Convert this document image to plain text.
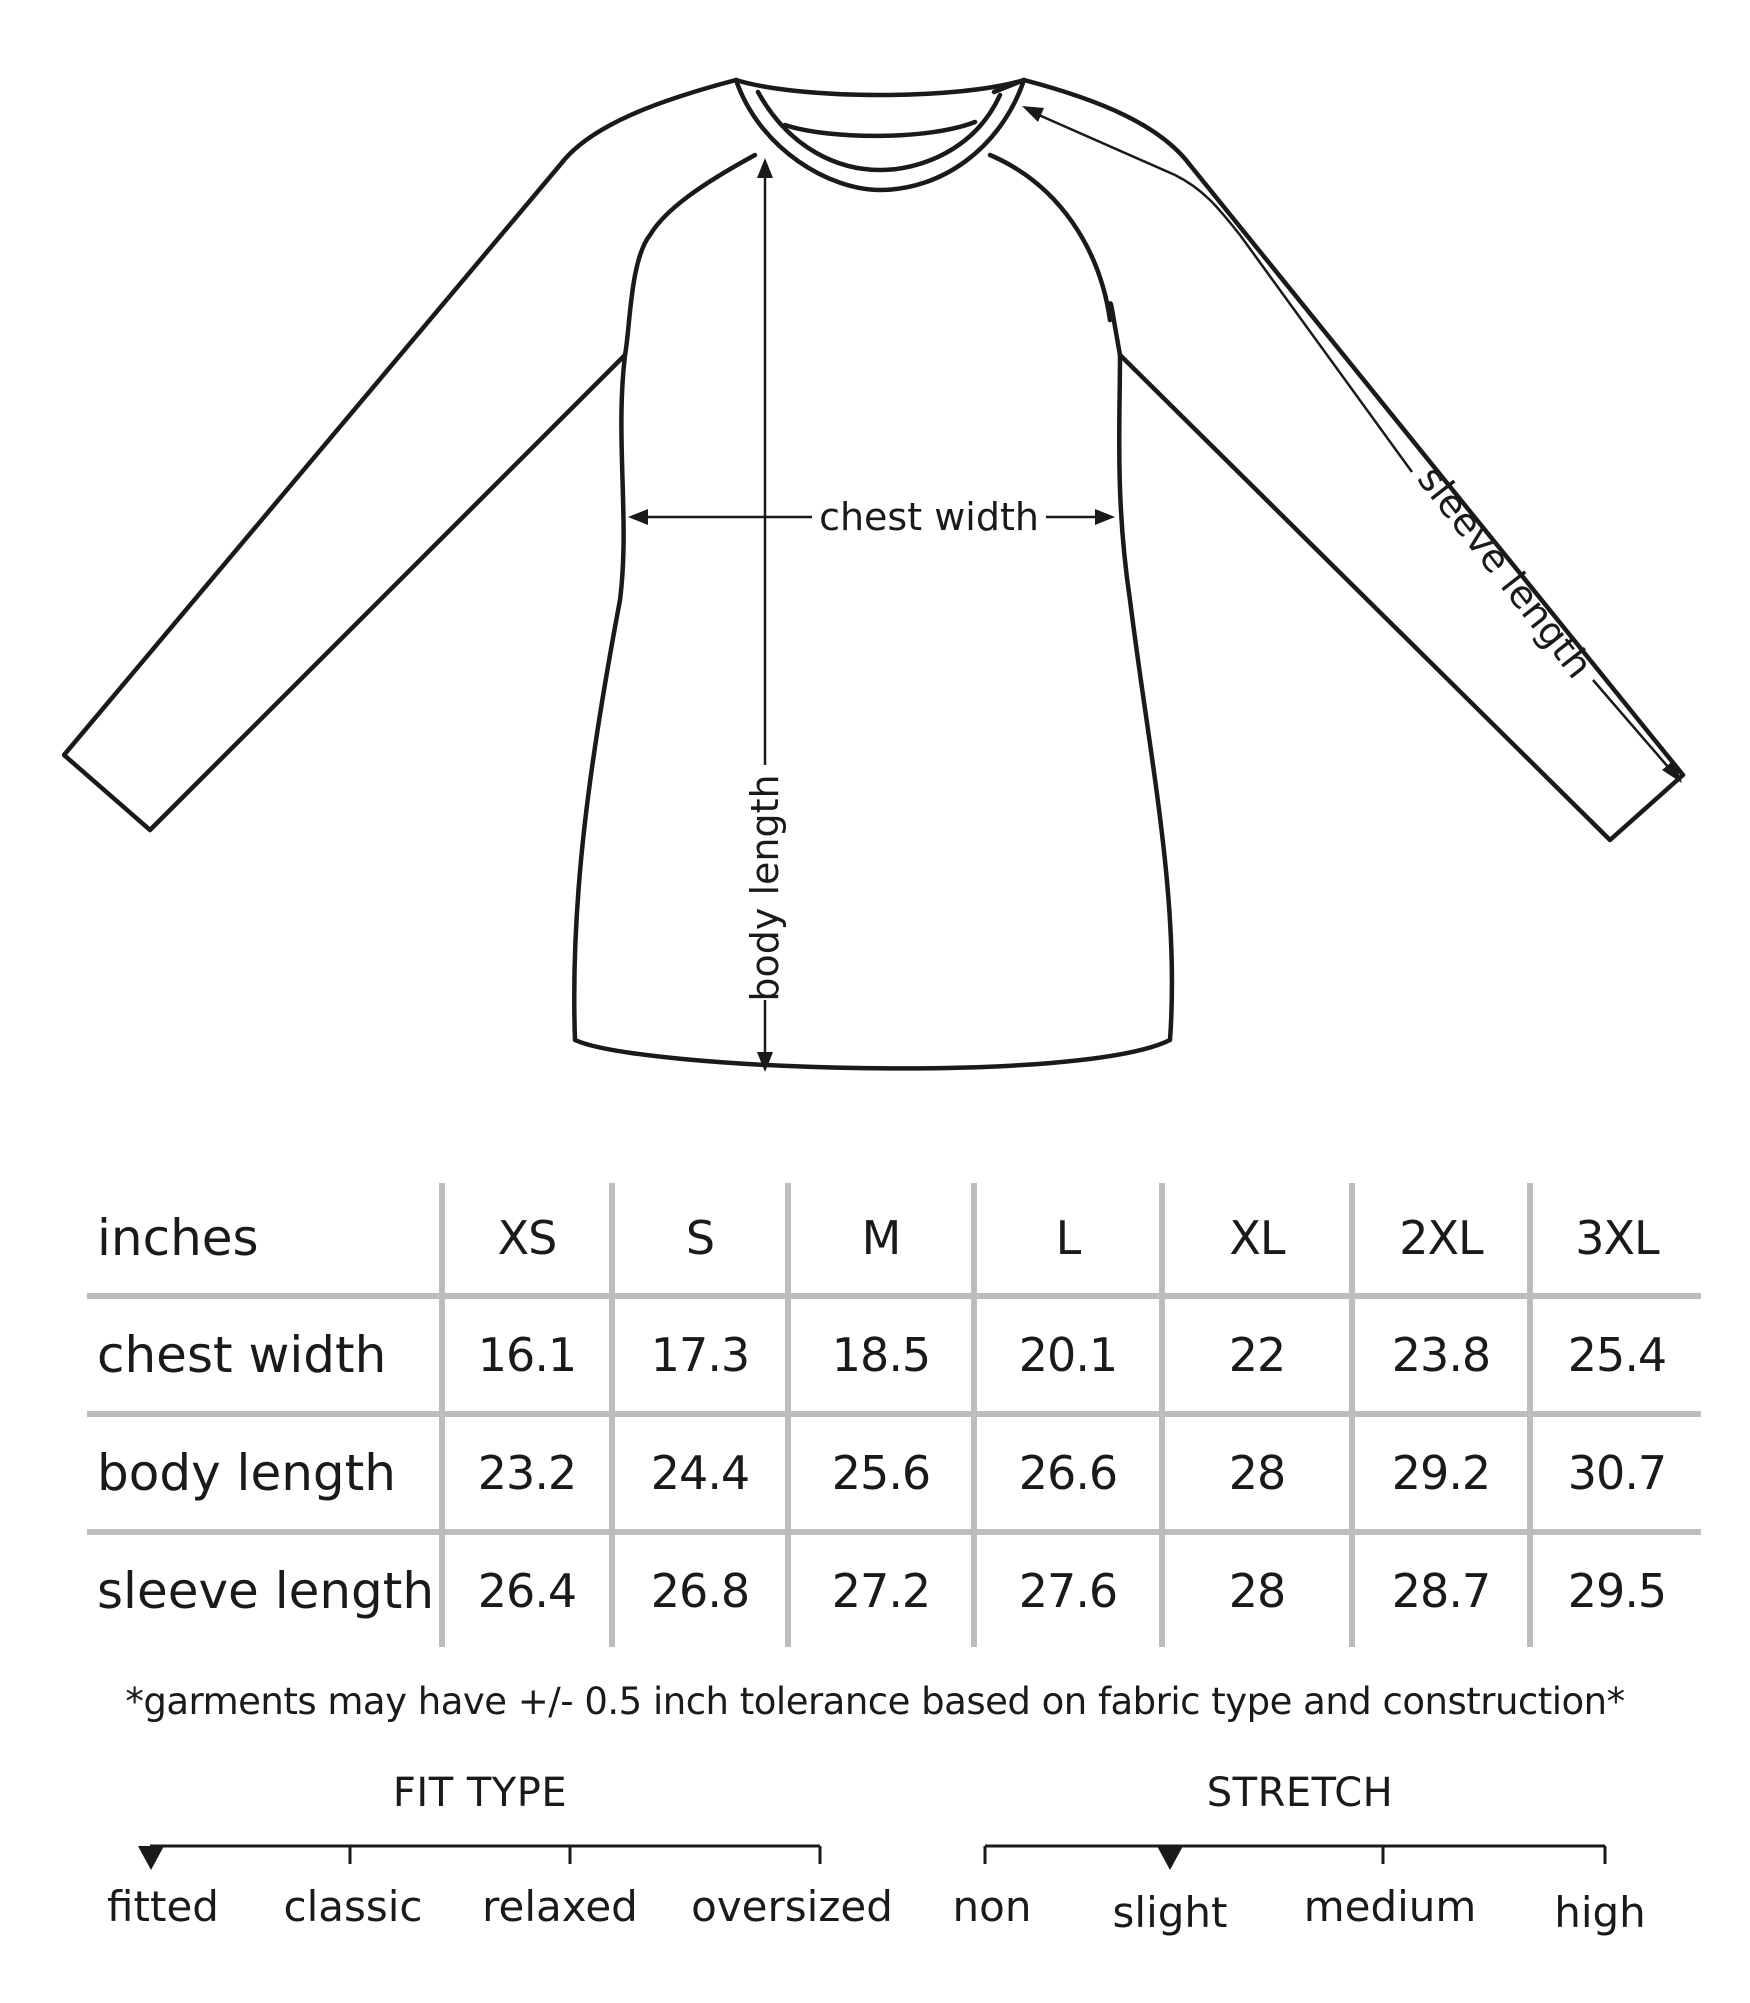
chest width
body length
sleeve length
inches	XS	S	M	L	XL	2XL	3XL
chest width	16.1	17.3	18.5	20.1	22	23.8	25.4
body length	23.2	24.4	25.6	26.6	28	29.2	30.7
sleeve length	26.4	26.8	27.2	27.6	28	28.7	29.5
*garments may have +/- 0.5 inch tolerance based on fabric type and construction*
FIT TYPE	STRETCH
fitted classic relaxed oversized non slight medium high
